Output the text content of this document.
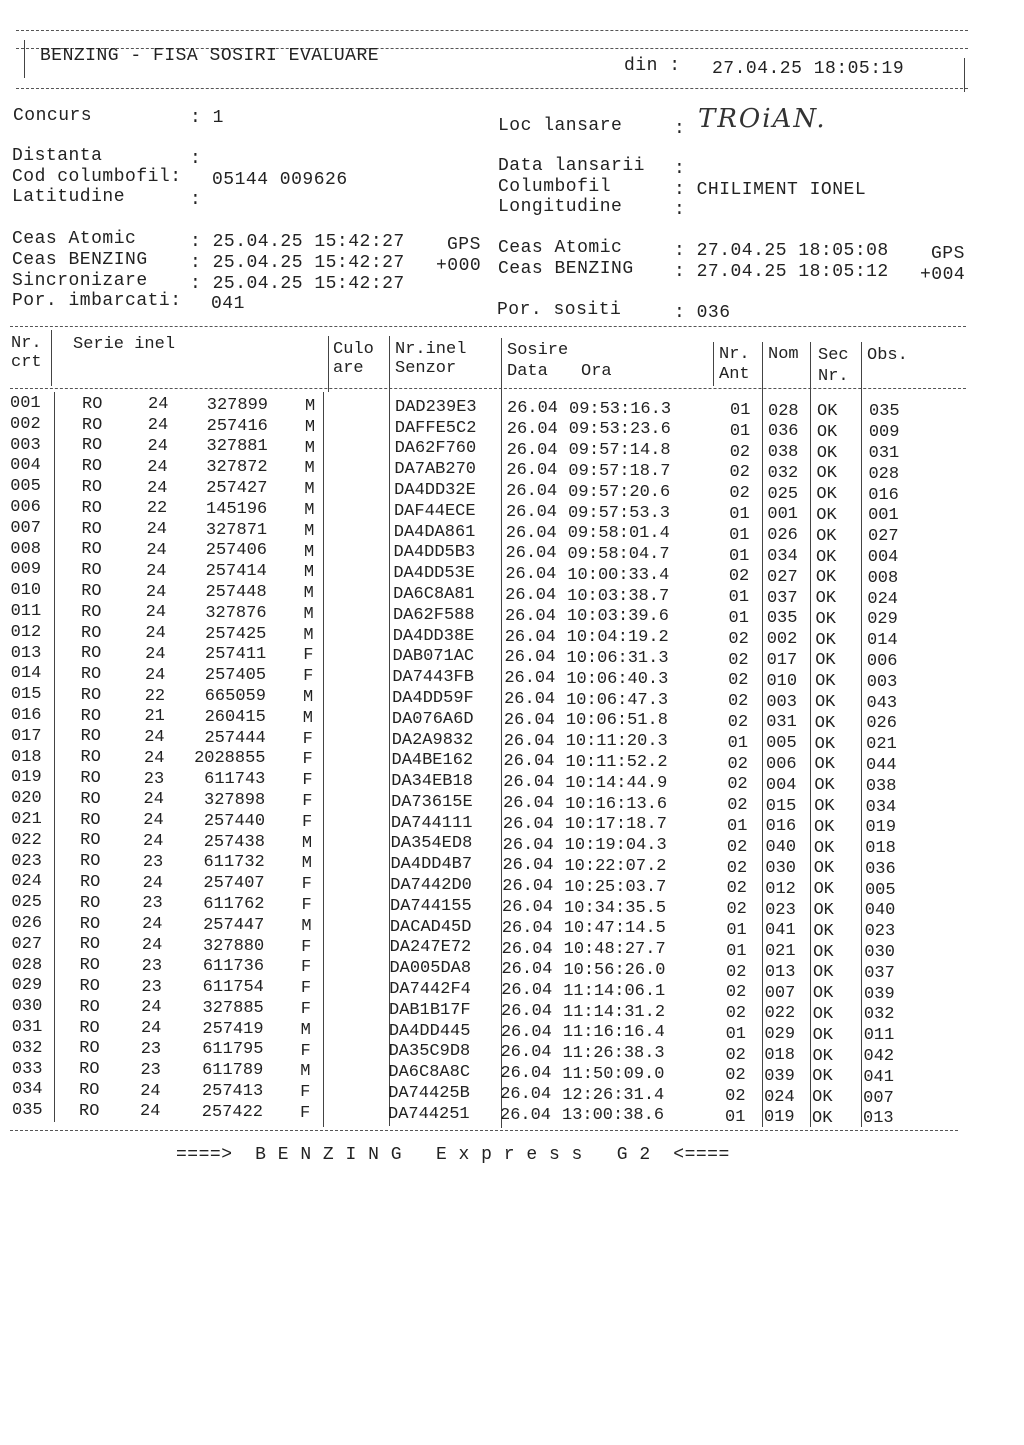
BENZING - FISA SOSIRI EVALUARE	din : 27.04.25 18:05:19
Concurs	: 1
Distanta	:
Cod columbofil: 05144 009626
Latitudine	:
Ceas Atomic	: 25.04.25 15:42:27 GPS
Ceas BENZING : 25.04.25 15:42:27 +000
Sincronizare : 25.04.25 15:42:27
Por. imbarcati: 041
Loc lansare	: TROiAN.
Data lansarii :
Columbofil	: CHILIMENT IONEL
Longitudine	:
Ceas Atomic	: 27.04.25 18:05:08 GPS
Ceas BENZING : 27.04.25 18:05:12 +004
Por. sositi	: 036
Nr.
crt
Serie inel	Culo
are
Nr.inel
Senzor
Sosire
Data Ora
Nr.
Ant
Nom Sec
Nr.
Obs.
001 RO	24 327899 M	DAD239E3 26.04 09:53:16.3	01 028 OK 035
002 RO	24 257416 M	DAFFE5C2 26.04 09:53:23.6	01 036 OK 009
003 RO	24 327881 M	DA62F760 26.04 09:57:14.8	02 038 OK 031
004 RO	24 327872 M	DA7AB270 26.04 09:57:18.7	02 032 OK 028
005 RO	24 257427 M	DA4DD32E 26.04 09:57:20.6	02 025 OK 016
006 RO	22 145196 M	DAF44ECE 26.04 09:57:53.3	01 001 OK 001
007 RO	24 327871 M	DA4DA861 26.04 09:58:01.4	01 026 OK 027
008 RO	24 257406 M	DA4DD5B3 26.04 09:58:04.7	01 034 OK 004
009 RO	24 257414 M	DA4DD53E 26.04 10:00:33.4	02 027 OK 008
010 RO	24 257448 M	DA6C8A81 26.04 10:03:38.7	01 037 OK 024
011 RO	24 327876 M	DA62F588 26.04 10:03:39.6	01 035 OK 029
012 RO	24 257425 M	DA4DD38E 26.04 10:04:19.2	02 002 OK 014
013 RO	24 257411 F	DAB071AC 26.04 10:06:31.3	02 017 OK 006
014 RO	24 257405 F	DA7443FB 26.04 10:06:40.3	02 010 OK 003
015 RO	22 665059 M	DA4DD59F 26.04 10:06:47.3	02 003 OK 043
016 RO	21 260415 M	DA076A6D 26.04 10:06:51.8	02 031 OK 026
017 RO	24 257444 F	DA2A9832 26.04 10:11:20.3	01 005 OK 021
018 RO	24 2028855 F	DA4BE162 26.04 10:11:52.2	02 006 OK 044
019 RO	23 611743 F	DA34EB18 26.04 10:14:44.9	02 004 OK 038
020 RO	24 327898 F	DA73615E 26.04 10:16:13.6	02 015 OK 034
021 RO	24 257440 F	DA744111 26.04 10:17:18.7	01 016 OK 019
022 RO	24 257438 M	DA354ED8 26.04 10:19:04.3	02 040 OK 018
023 RO 23 611732 M	DA4DD4B7 26.04 10:22:07.2	02 030 OK 036
024 RO 24 257407 F	DA7442D0 26.04 10:25:03.7	02 012 OK 005
025 RO 23 611762 F	DA744155 26.04 10:34:35.5	02 023 OK 040
026 RO 24 257447 M	DACAD45D 26.04 10:47:14.5	01 041 OK 023
027 RO 24 327880 F	DA247E72 26.04 10:48:27.7	01 021 OK 030
028 RO 23 611736 F	DA005DA8 26.04 10:56:26.0	02 013 OK 037
029 RO 23 611754 F	DA7442F4 26.04 11:14:06.1	02 007 OK 039
030 RO 24 327885 F	DAB1B17F 26.04 11:14:31.2	02 022 OK 032
031 RO 24 257419 M	DA4DD445 26.04 11:16:16.4	01 029 OK 011
032 RO 23 611795 F	DA35C9D8 26.04 11:26:38.3	02 018 OK 042
033 RO 23 611789 M	DA6C8A8C 26.04 11:50:09.0	02 039 OK 041
034 RO 24 257413 F	DA74425B 26.04 12:26:31.4	02 024 OK 007
035 RO 24 257422 F	DA744251 26.04 13:00:38.6	01 019 OK 013
====>  B E N Z I N G   E x p r e s s   G 2  <====
